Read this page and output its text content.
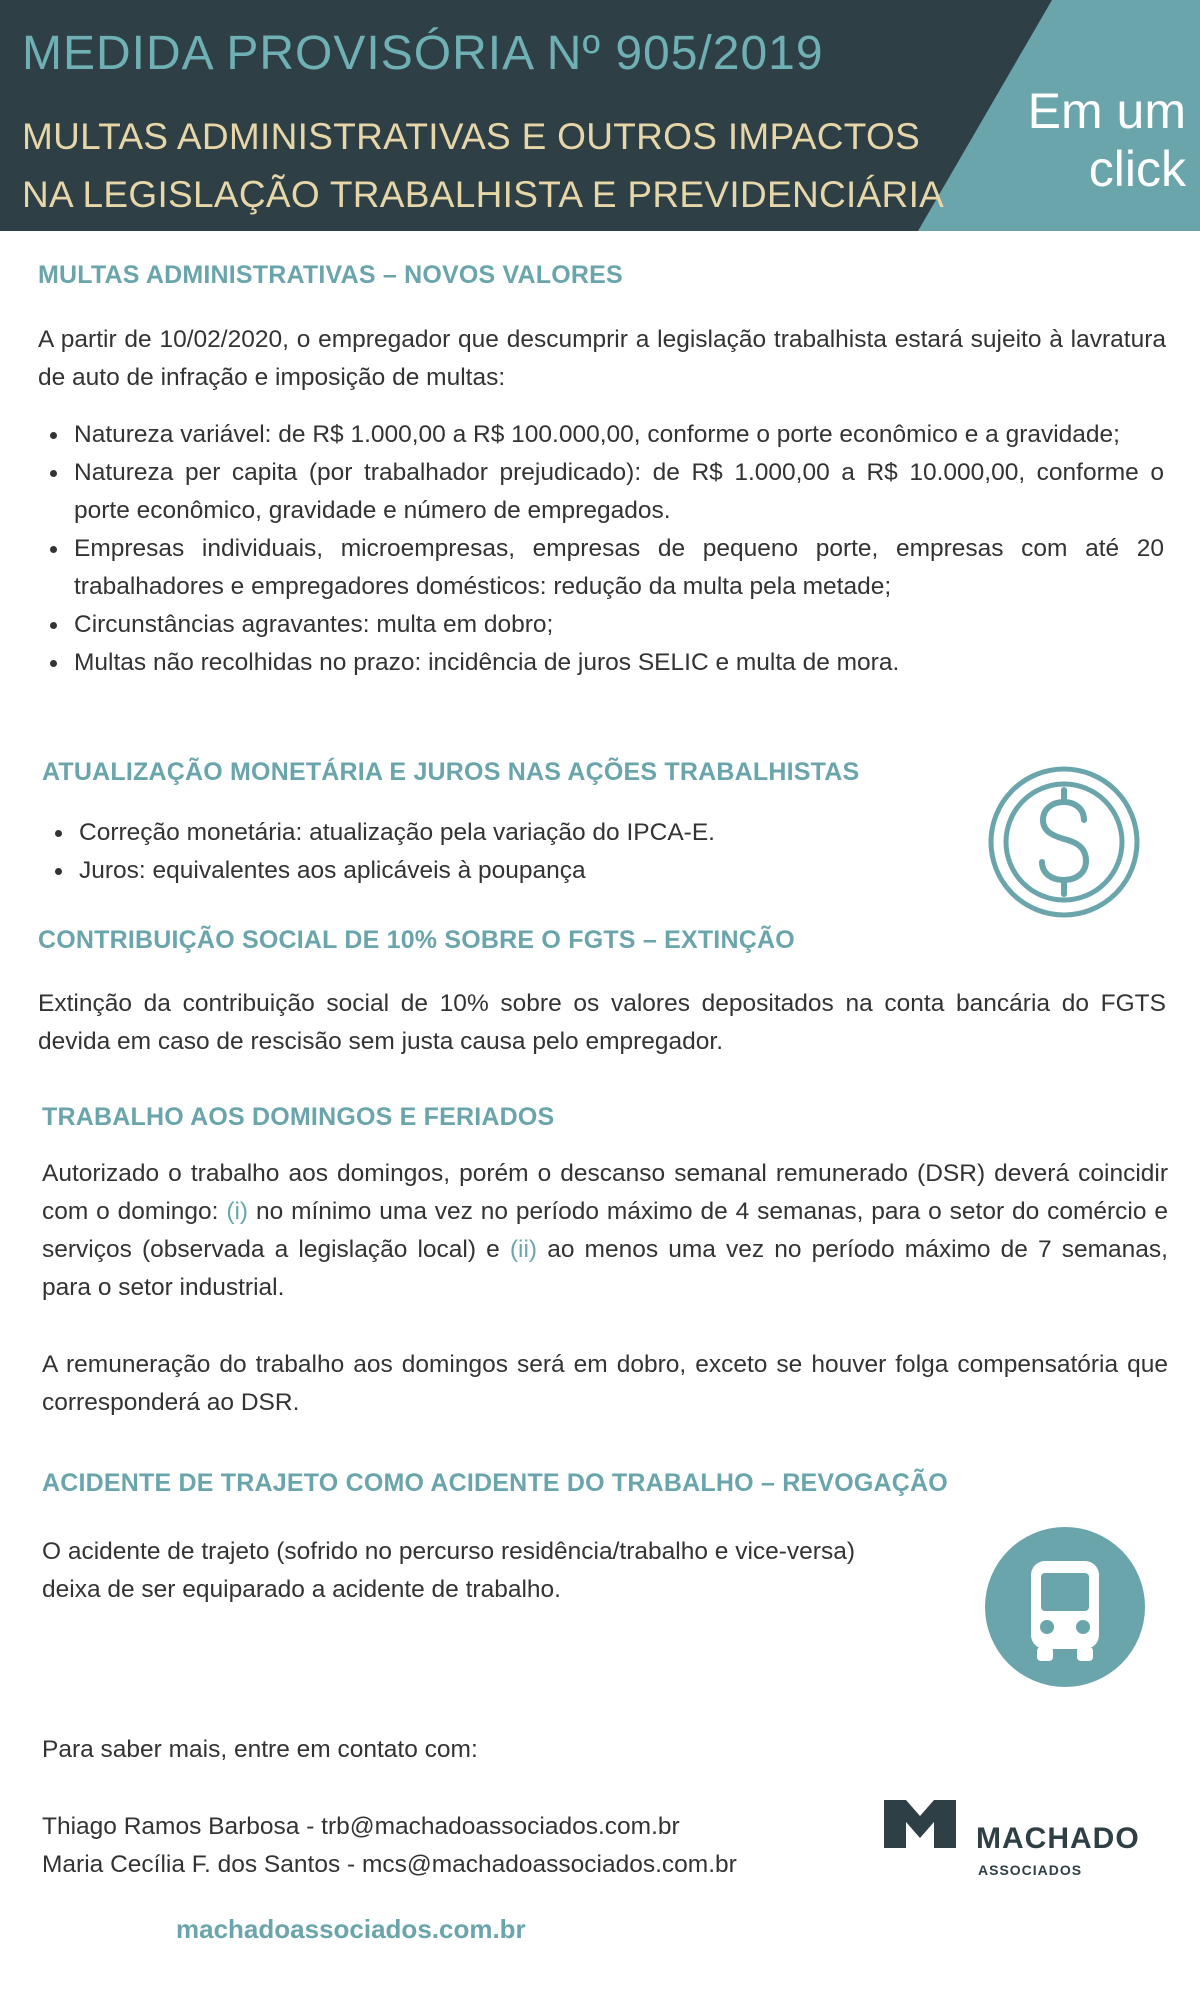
MEDIDA PROVISÓRIA Nº 905/2019
MULTAS ADMINISTRATIVAS E OUTROS IMPACTOS
NA LEGISLAÇÃO TRABALHISTA E PREVIDENCIÁRIA
Em um
click
MULTAS ADMINISTRATIVAS – NOVOS VALORES
A partir de 10/02/2020, o empregador que descumprir a legislação trabalhista estará sujeito à lavratura de auto de infração e imposição de multas:
Natureza variável: de R$ 1.000,00 a R$ 100.000,00, conforme o porte econômico e a gravidade;
Natureza per capita (por trabalhador prejudicado): de R$ 1.000,00 a R$ 10.000,00, conforme o porte econômico, gravidade e número de empregados.
Empresas individuais, microempresas, empresas de pequeno porte, empresas com até 20 trabalhadores e empregadores domésticos: redução da multa pela metade;
Circunstâncias agravantes: multa em dobro;
Multas não recolhidas no prazo: incidência de juros SELIC e multa de mora.
ATUALIZAÇÃO MONETÁRIA E JUROS NAS AÇÕES TRABALHISTAS
Correção monetária: atualização pela variação do IPCA-E.
Juros: equivalentes aos aplicáveis à poupança
CONTRIBUIÇÃO SOCIAL DE 10% SOBRE O FGTS – EXTINÇÃO
Extinção da contribuição social de 10% sobre os valores depositados na conta bancária do FGTS devida em caso de rescisão sem justa causa pelo empregador.
TRABALHO AOS DOMINGOS E FERIADOS
Autorizado o trabalho aos domingos, porém o descanso semanal remunerado (DSR) deverá coincidir com o domingo: (i) no mínimo uma vez no período máximo de 4 semanas, para o setor do comércio e serviços (observada a legislação local) e (ii) ao menos uma vez no período máximo de 7 semanas, para o setor industrial.
A remuneração do trabalho aos domingos será em dobro, exceto se houver folga compensatória que corresponderá ao DSR.
ACIDENTE DE TRAJETO COMO ACIDENTE DO TRABALHO – REVOGAÇÃO
O acidente de trajeto (sofrido no percurso residência/trabalho e vice-versa)
deixa de ser equiparado a acidente de trabalho.
Para saber mais, entre em contato com:
Thiago Ramos Barbosa - trb@machadoassociados.com.br
Maria Cecília F. dos Santos - mcs@machadoassociados.com.br
MACHADO
ASSOCIADOS
machadoassociados.com.br
